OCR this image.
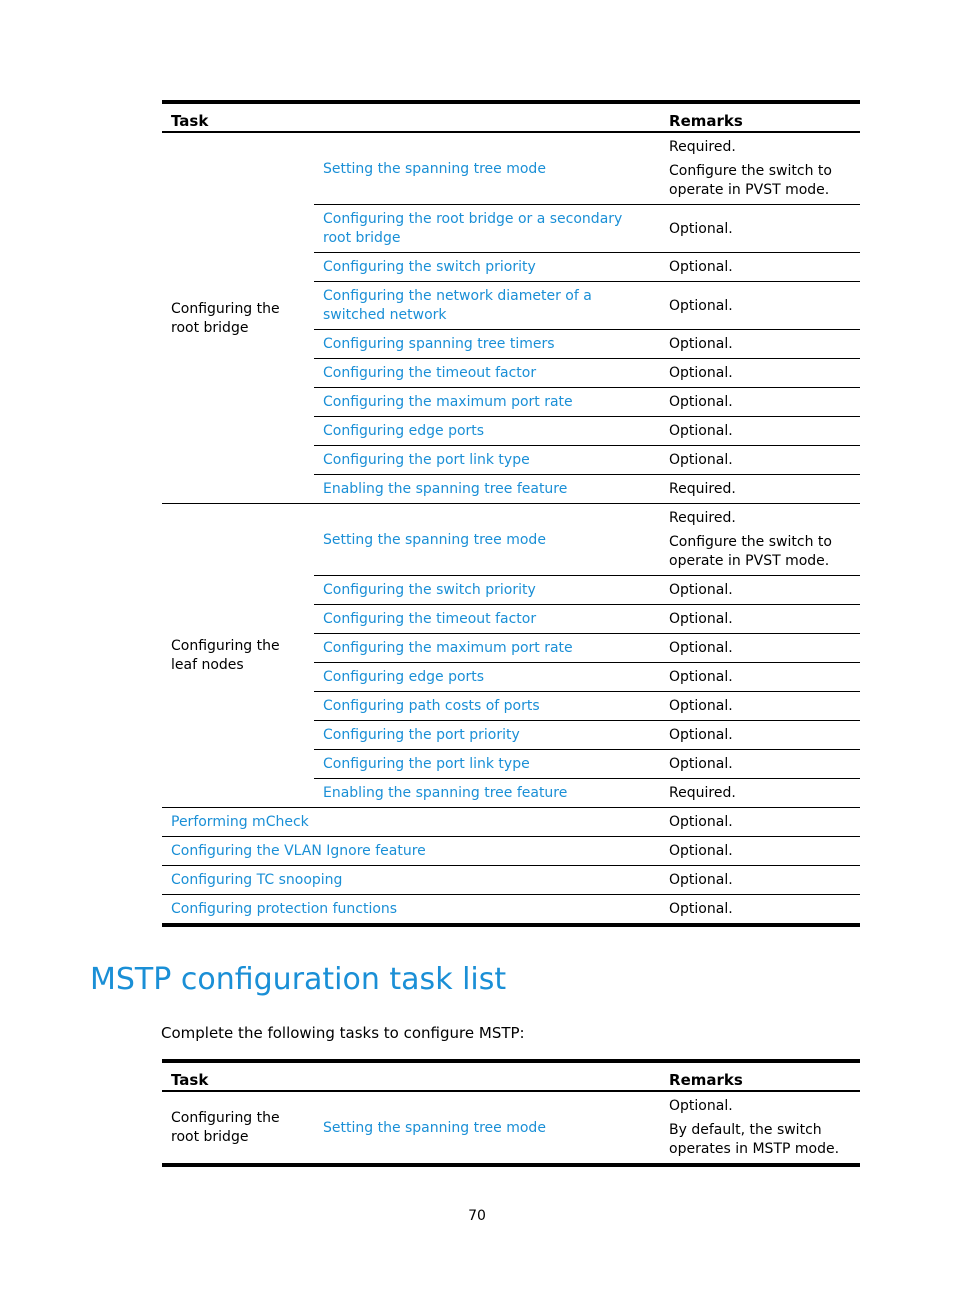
Task		Remarks
Configuring the root bridge	Setting the spanning tree mode	Required.

Configure the switch to operate in PVST mode.

	Configuring the root bridge or a secondary root bridge	Optional.

	Configuring the switch priority	Optional.

	Configuring the network diameter of a switched network	Optional.

	Configuring spanning tree timers	Optional.

	Configuring the timeout factor	Optional.

	Configuring the maximum port rate	Optional.

	Configuring edge ports	Optional.

	Configuring the port link type	Optional.

	Enabling the spanning tree feature	Required.

Configuring the leaf nodes	Setting the spanning tree mode	Required.

Configure the switch to operate in PVST mode.

	Configuring the switch priority	Optional.

	Configuring the timeout factor	Optional.

	Configuring the maximum port rate	Optional.

	Configuring edge ports	Optional.

	Configuring path costs of ports	Optional.

	Configuring the port priority	Optional.

	Configuring the port link type	Optional.

	Enabling the spanning tree feature	Required.

Performing mCheck		Optional.

Configuring the VLAN Ignore feature		Optional.

Configuring TC snooping		Optional.

Configuring protection functions		Optional.

MSTP configuration task list
Complete the following tasks to configure MSTP:
Task		Remarks
Configuring the root bridge	Setting the spanning tree mode	Optional.

By default, the switch operates in MSTP mode.

70
